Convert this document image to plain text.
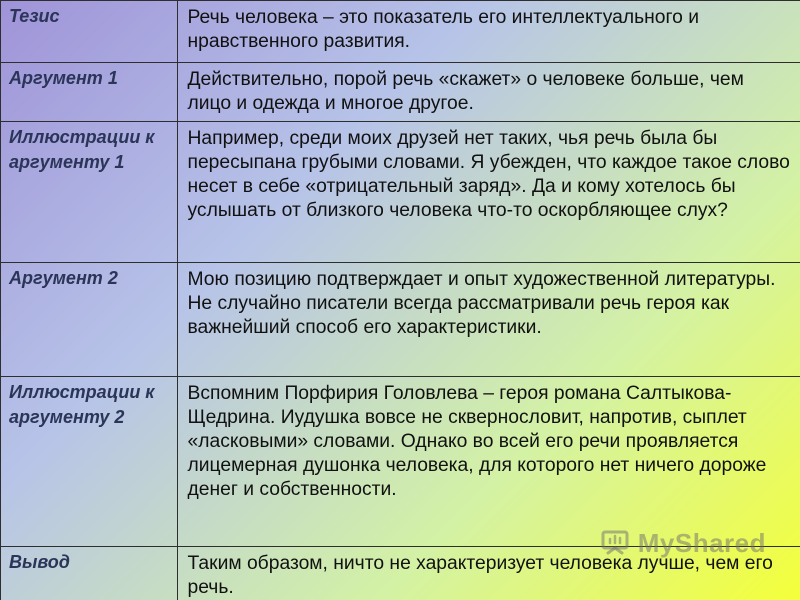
Тезис	Речь человека – это показатель его интеллектуального и нравственного развития.
Аргумент 1	Действительно, порой речь «скажет» о человеке больше, чем лицо и одежда и многое другое.
Иллюстрации к аргументу 1	Например, среди моих друзей нет таких, чья речь была бы пересыпана грубыми словами. Я убежден, что каждое такое слово несет в себе «отрицательный заряд». Да и кому хотелось бы услышать от близкого человека что-то оскорбляющее слух?
Аргумент 2	Мою позицию подтверждает и опыт художественной литературы. Не случайно писатели всегда рассматривали речь героя как важнейший способ его характеристики.
Иллюстрации к аргументу 2	Вспомним Порфирия Головлева – героя романа Салтыкова-Щедрина. Иудушка вовсе не сквернословит, напротив, сыплет «ласковыми» словами. Однако во всей его речи проявляется лицемерная душонка человека, для которого нет ничего дороже денег и собственности.
Вывод	Таким образом, ничто не характеризует человека лучше, чем его речь.
MyShared
